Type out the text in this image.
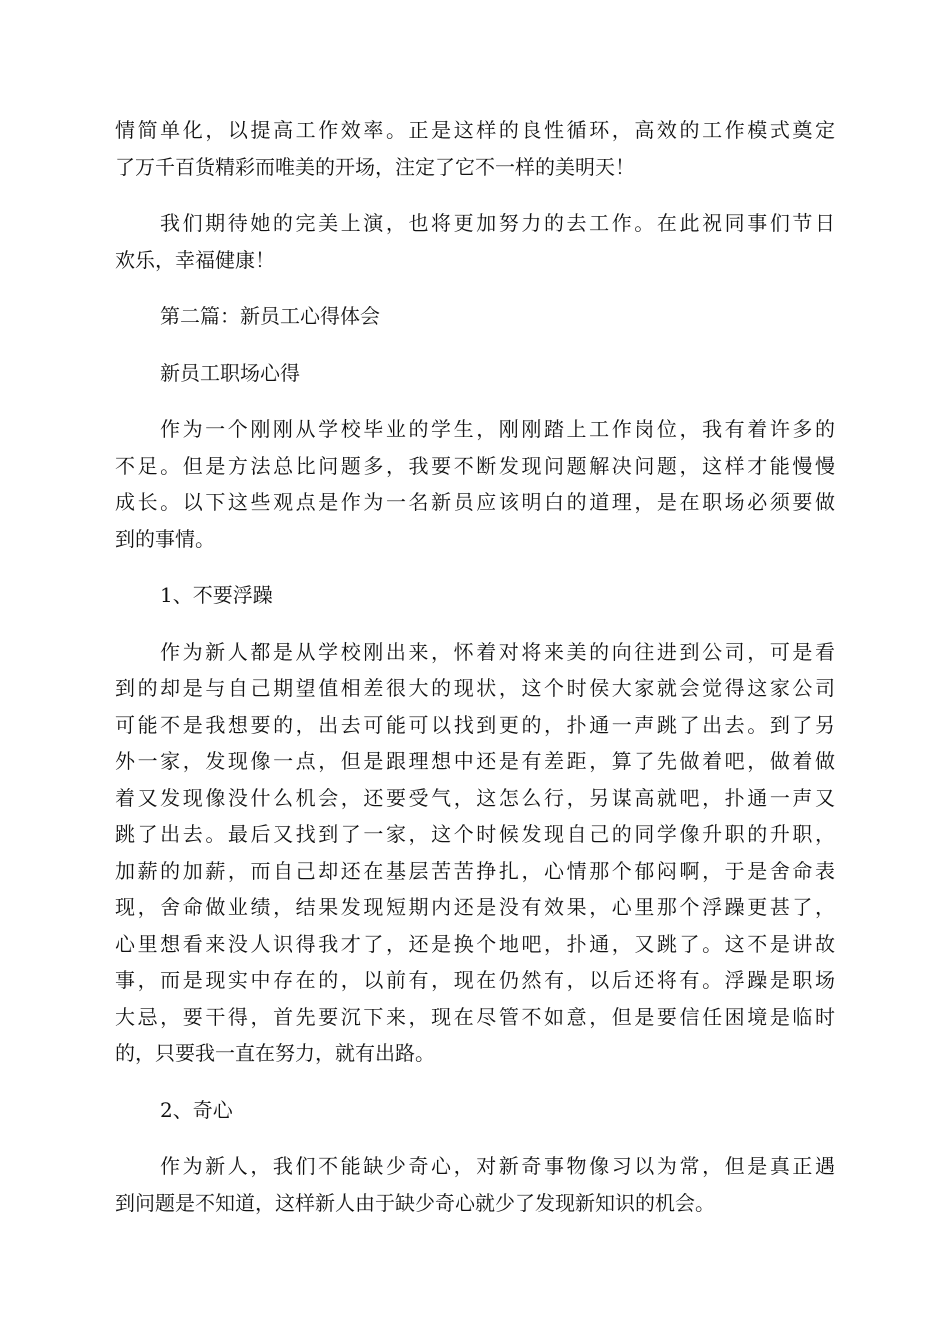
情简单化，以提高工作效率。正是这样的良性循环，高效的工作模式奠定
了万千百货精彩而唯美的开场，注定了它不一样的美明天！
我们期待她的完美上演，也将更加努力的去工作。在此祝同事们节日
欢乐，幸福健康！
第二篇：新员工心得体会
新员工职场心得
作为一个刚刚从学校毕业的学生，刚刚踏上工作岗位，我有着许多的
不足。但是方法总比问题多，我要不断发现问题解决问题，这样才能慢慢
成长。以下这些观点是作为一名新员应该明白的道理，是在职场必须要做
到的事情。
1、不要浮躁
作为新人都是从学校刚出来，怀着对将来美的向往进到公司，可是看
到的却是与自己期望值相差很大的现状，这个时侯大家就会觉得这家公司
可能不是我想要的，出去可能可以找到更的，扑通一声跳了出去。到了另
外一家，发现像一点，但是跟理想中还是有差距，算了先做着吧，做着做
着又发现像没什么机会，还要受气，这怎么行，另谋高就吧，扑通一声又
跳了出去。最后又找到了一家，这个时候发现自己的同学像升职的升职，
加薪的加薪，而自己却还在基层苦苦挣扎，心情那个郁闷啊，于是舍命表
现，舍命做业绩，结果发现短期内还是没有效果，心里那个浮躁更甚了，
心里想看来没人识得我才了，还是换个地吧，扑通，又跳了。这不是讲故
事，而是现实中存在的，以前有，现在仍然有，以后还将有。浮躁是职场
大忌，要干得，首先要沉下来，现在尽管不如意，但是要信任困境是临时
的，只要我一直在努力，就有出路。
2、奇心
作为新人，我们不能缺少奇心，对新奇事物像习以为常，但是真正遇
到问题是不知道，这样新人由于缺少奇心就少了发现新知识的机会。
